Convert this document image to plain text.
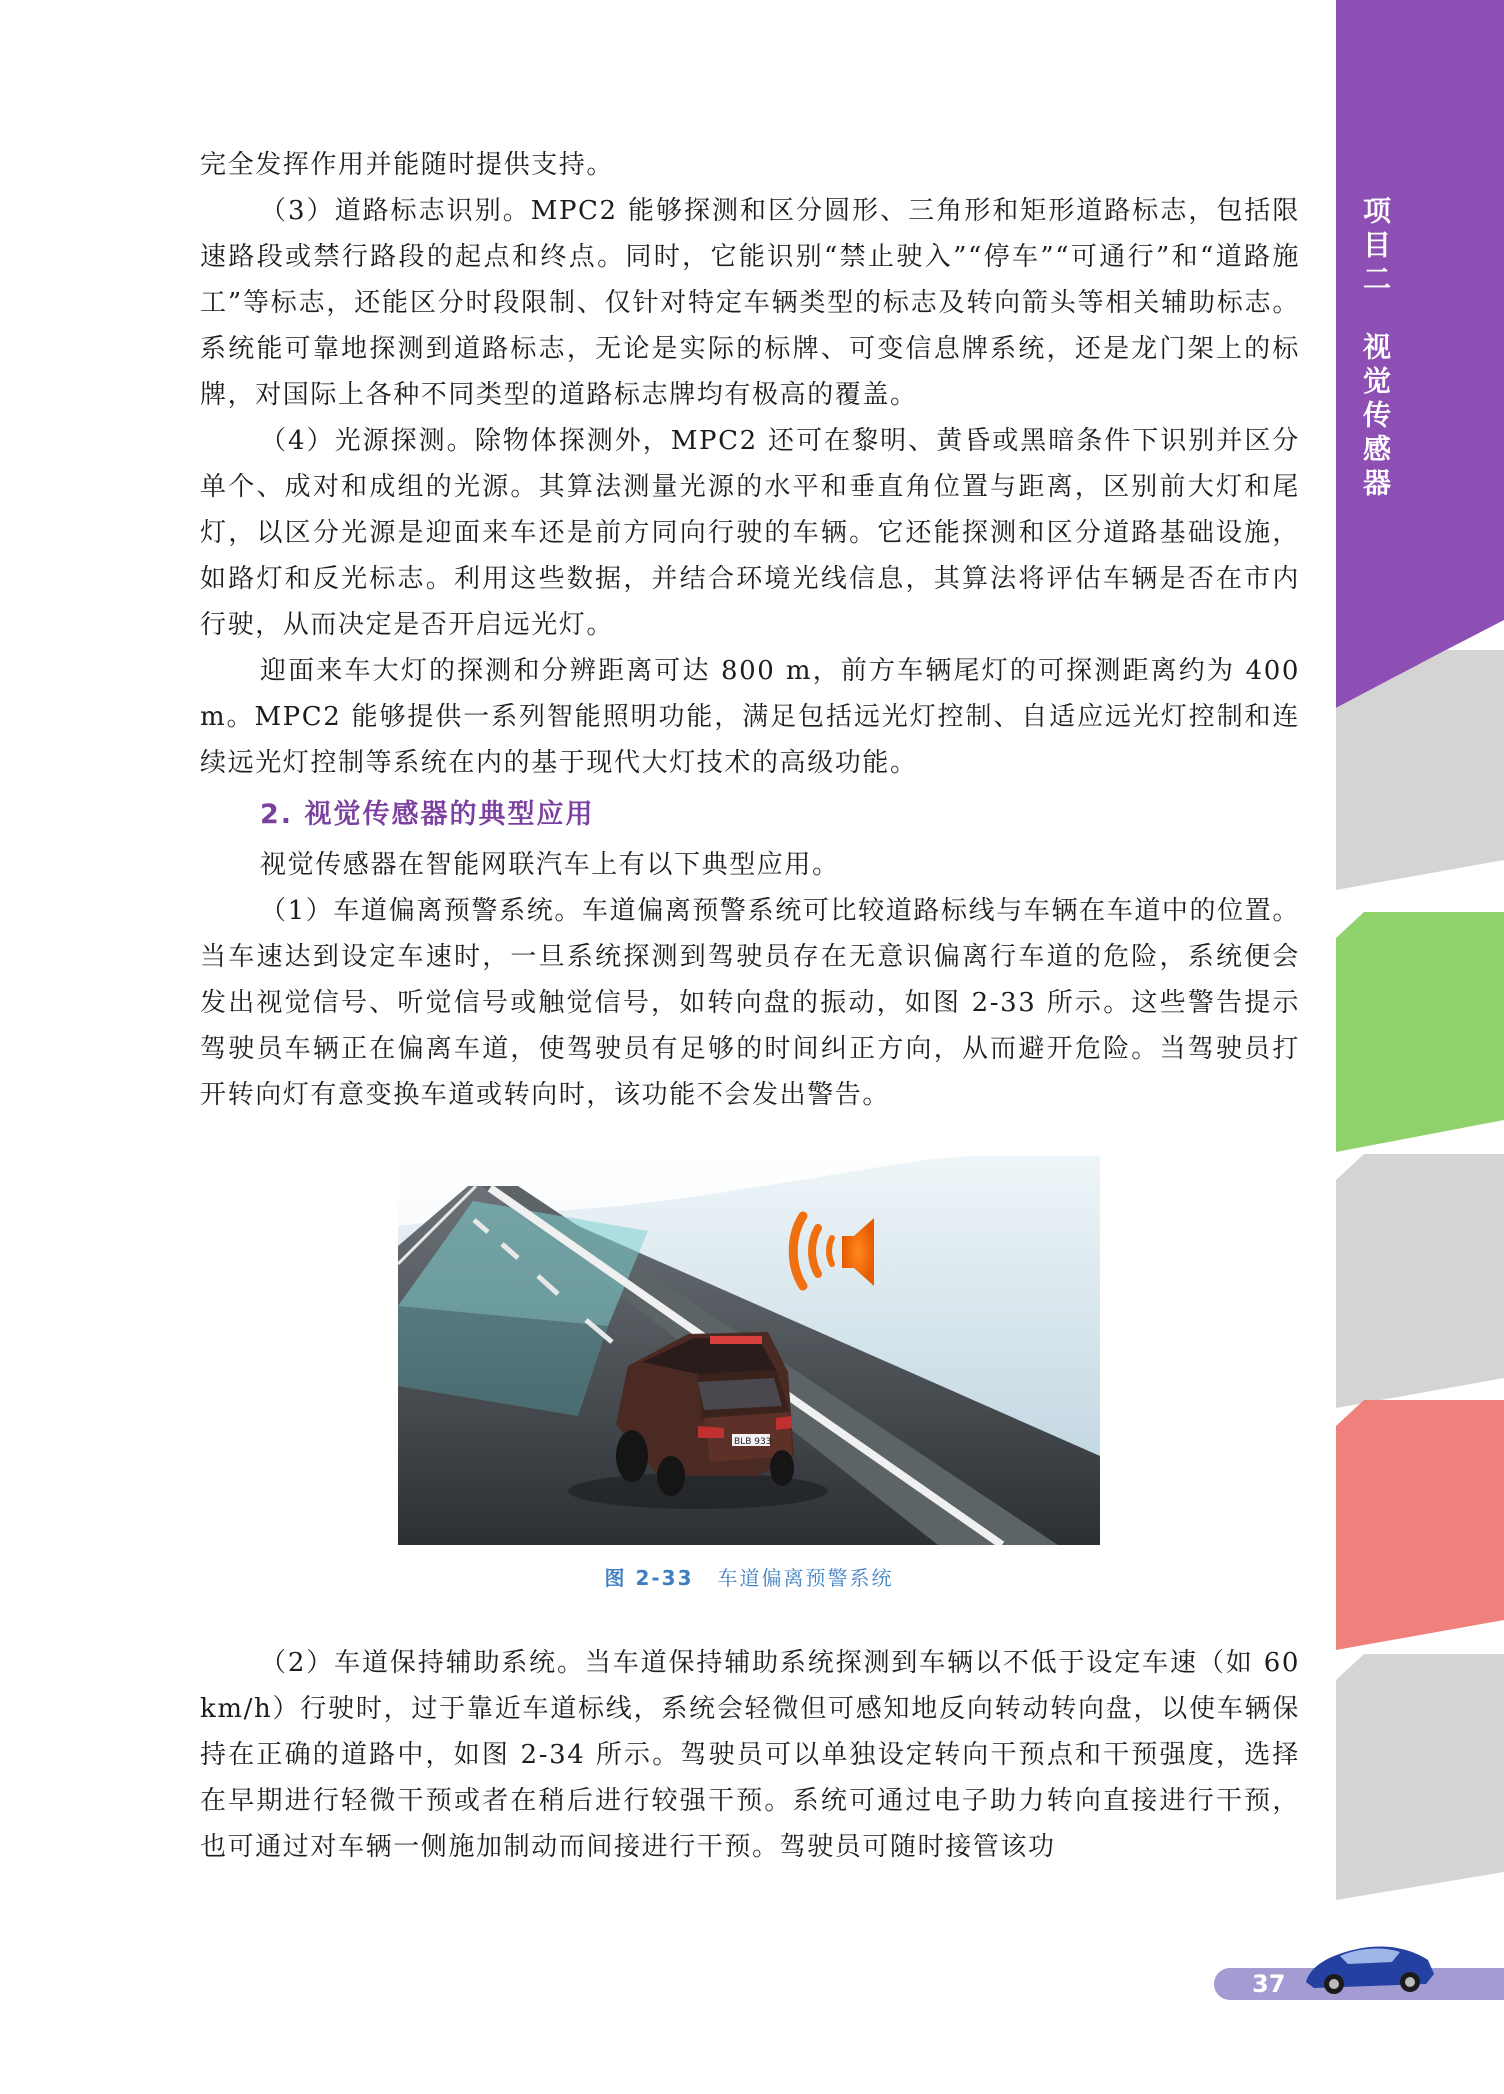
项目二　视觉传感器

完全发挥作用并能随时提供支持。

（3）道路标志识别。MPC2 能够探测和区分圆形、三角形和矩形道路标志，包括限速路段或禁行路段的起点和终点。同时，它能识别“禁止驶入”“停车”“可通行”和“道路施工”等标志，还能区分时段限制、仅针对特定车辆类型的标志及转向箭头等相关辅助标志。系统能可靠地探测到道路标志，无论是实际的标牌、可变信息牌系统，还是龙门架上的标牌，对国际上各种不同类型的道路标志牌均有极高的覆盖。

（4）光源探测。除物体探测外，MPC2 还可在黎明、黄昏或黑暗条件下识别并区分单个、成对和成组的光源。其算法测量光源的水平和垂直角位置与距离，区别前大灯和尾灯，以区分光源是迎面来车还是前方同向行驶的车辆。它还能探测和区分道路基础设施，如路灯和反光标志。利用这些数据，并结合环境光线信息，其算法将评估车辆是否在市内行驶，从而决定是否开启远光灯。

迎面来车大灯的探测和分辨距离可达 800 m，前方车辆尾灯的可探测距离约为 400 m。MPC2 能够提供一系列智能照明功能，满足包括远光灯控制、自适应远光灯控制和连续远光灯控制等系统在内的基于现代大灯技术的高级功能。

2. 视觉传感器的典型应用

视觉传感器在智能网联汽车上有以下典型应用。

（1）车道偏离预警系统。车道偏离预警系统可比较道路标线与车辆在车道中的位置。当车速达到设定车速时，一旦系统探测到驾驶员存在无意识偏离行车道的危险，系统便会发出视觉信号、听觉信号或触觉信号，如转向盘的振动，如图 2-33 所示。这些警告提示驾驶员车辆正在偏离车道，使驾驶员有足够的时间纠正方向，从而避开危险。当驾驶员打开转向灯有意变换车道或转向时，该功能不会发出警告。

BLB 933
图 2-33 车道偏离预警系统

（2）车道保持辅助系统。当车道保持辅助系统探测到车辆以不低于设定车速（如 60 km/h）行驶时，过于靠近车道标线，系统会轻微但可感知地反向转动转向盘，以使车辆保持在正确的道路中，如图 2-34 所示。驾驶员可以单独设定转向干预点和干预强度，选择在早期进行轻微干预或者在稍后进行较强干预。系统可通过电子助力转向直接进行干预，也可通过对车辆一侧施加制动而间接进行干预。驾驶员可随时接管该功

37
